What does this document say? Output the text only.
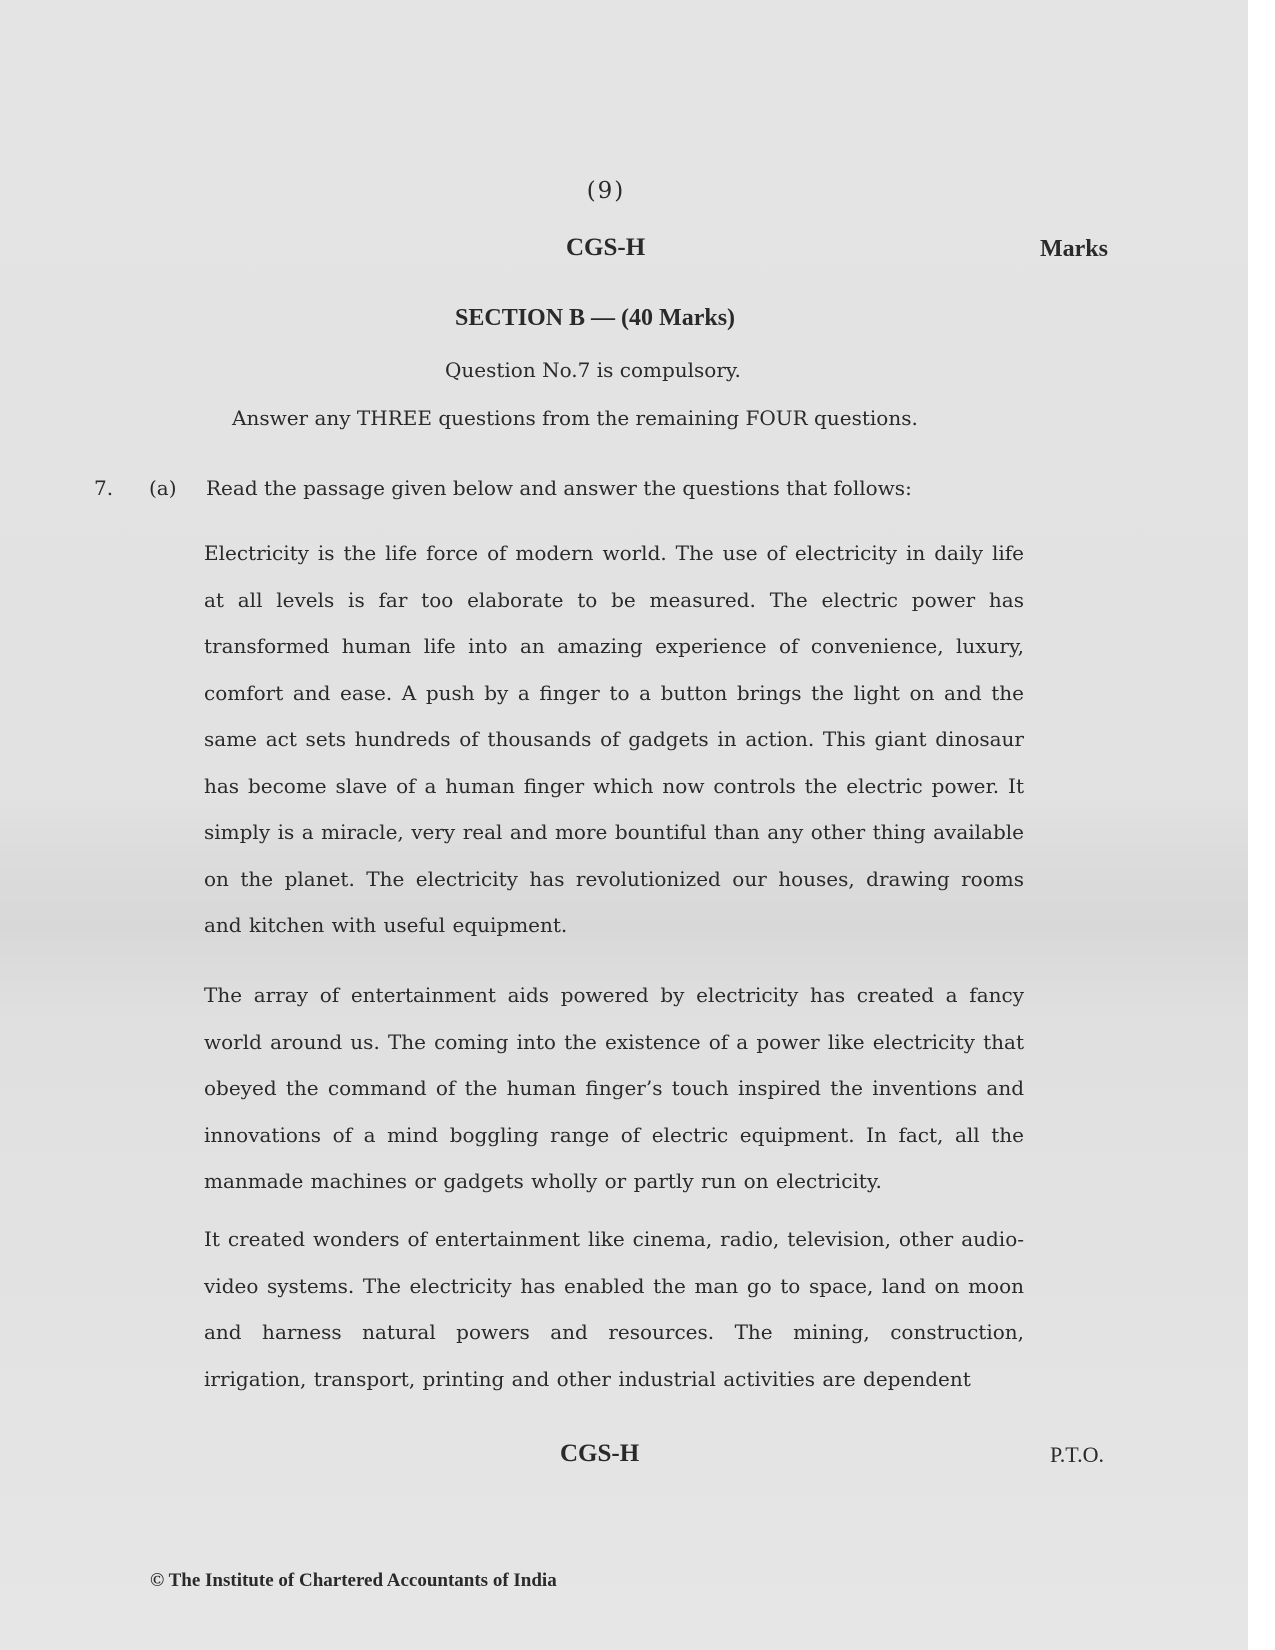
(9)
CGS-H	Marks
SECTION B — (40 Marks)
Question No.7 is compulsory.
Answer any THREE questions from the remaining FOUR questions.
7. (a) Read the passage given below and answer the questions that follows:

Electricity is the life force of modern world. The use of electricity in daily life at all levels is far too elaborate to be measured. The electric power has transformed human life into an amazing experience of convenience, luxury, comfort and ease. A push by a finger to a button brings the light on and the same act sets hundreds of thousands of gadgets in action. This giant dinosaur has become slave of a human finger which now controls the electric power. It simply is a miracle, very real and more bountiful than any other thing available on the planet. The electricity has revolutionized our houses, drawing rooms and kitchen with useful equipment.

The array of entertainment aids powered by electricity has created a fancy world around us. The coming into the existence of a power like electricity that obeyed the command of the human finger’s touch inspired the inventions and innovations of a mind boggling range of electric equipment. In fact, all the manmade machines or gadgets wholly or partly run on electricity.

It created wonders of entertainment like cinema, radio, television, other audio-video systems. The electricity has enabled the man go to space, land on moon and harness natural powers and resources. The mining, construction, irrigation, transport, printing and other industrial activities are dependent

CGS-H	P.T.O.
© The Institute of Chartered Accountants of India
